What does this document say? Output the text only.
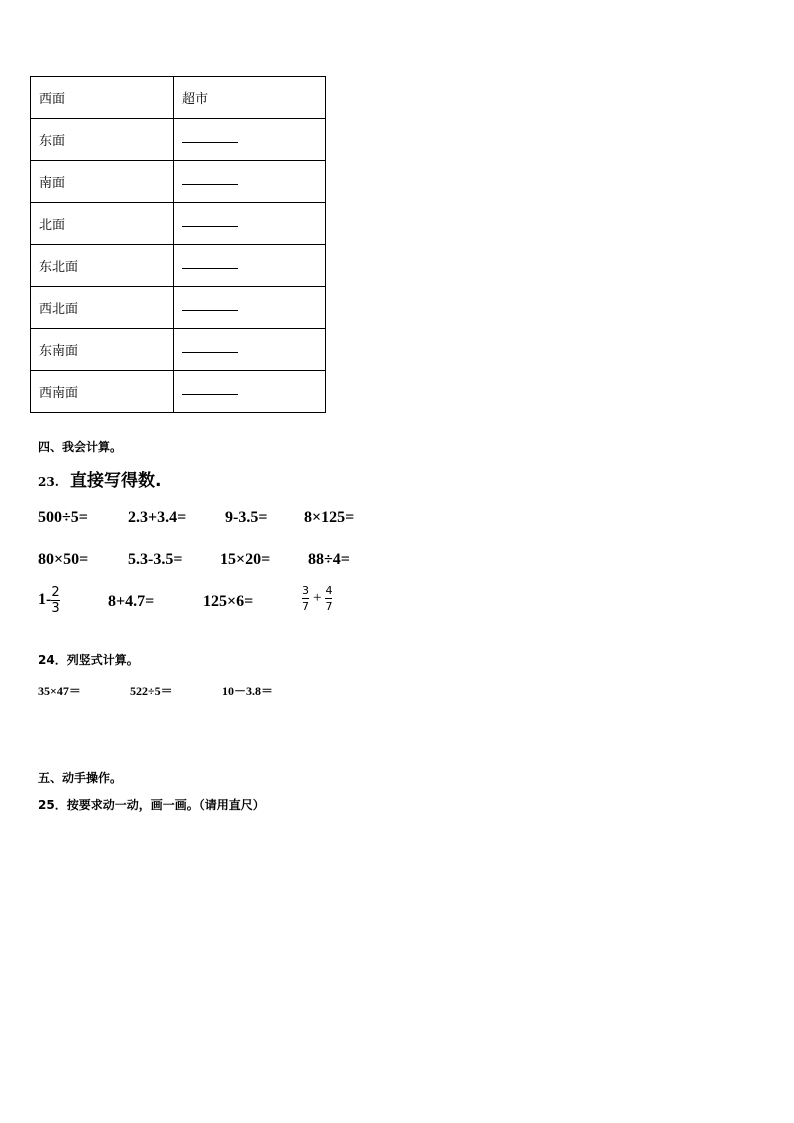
西面	超市
东面	
南面	
北面	
东北面	
西北面	
东南面	
西南面	
四、我会计算。
23. 直接写得数.
500÷5=	2.3+3.4= 9-3.5= 8×125=
80×50= 5.3-3.5= 15×20= 88÷4=
$1- \frac{2}{3}$	8+4.7=	125×6=	$\frac{3}{7} + \frac{4}{7}$
24．列竖式计算。
35×47＝	522÷5＝	10－3.8＝
五、动手操作。
25．按要求动一动，画一画。（请用直尺）
